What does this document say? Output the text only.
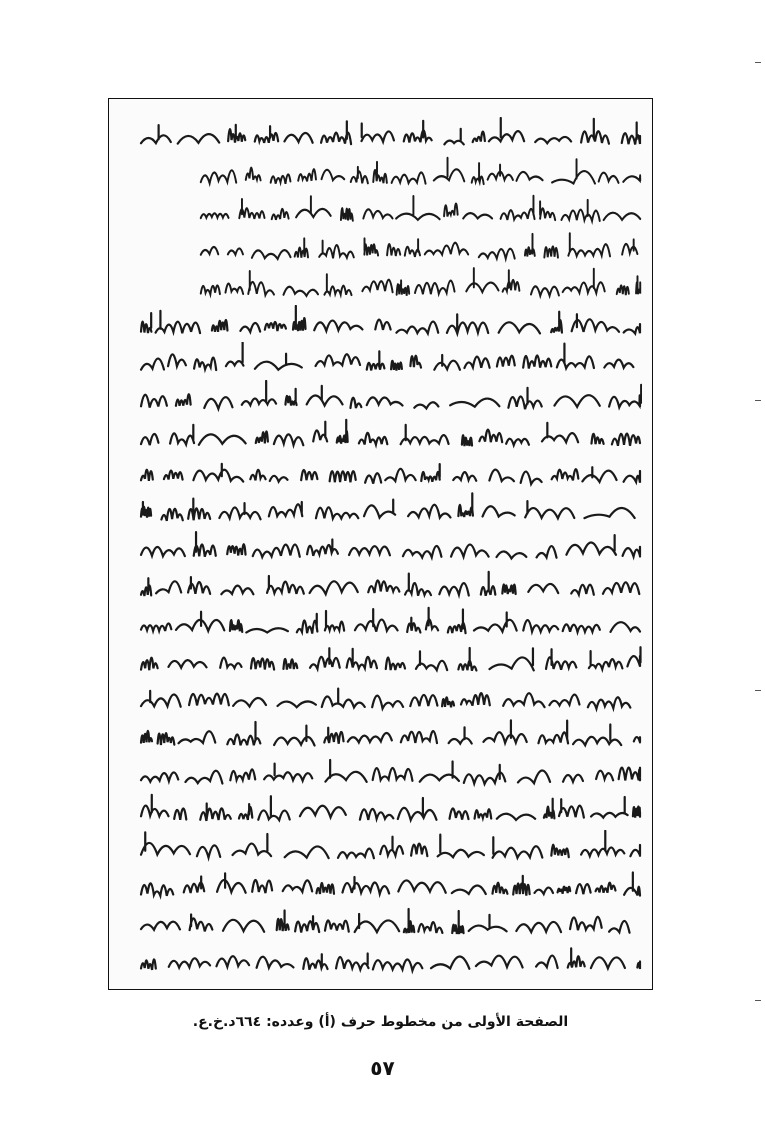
الصفحة الأولى من مخطوط حرف (أ) وعدده: ٦٦٤د.خ.ع.
٥٧
